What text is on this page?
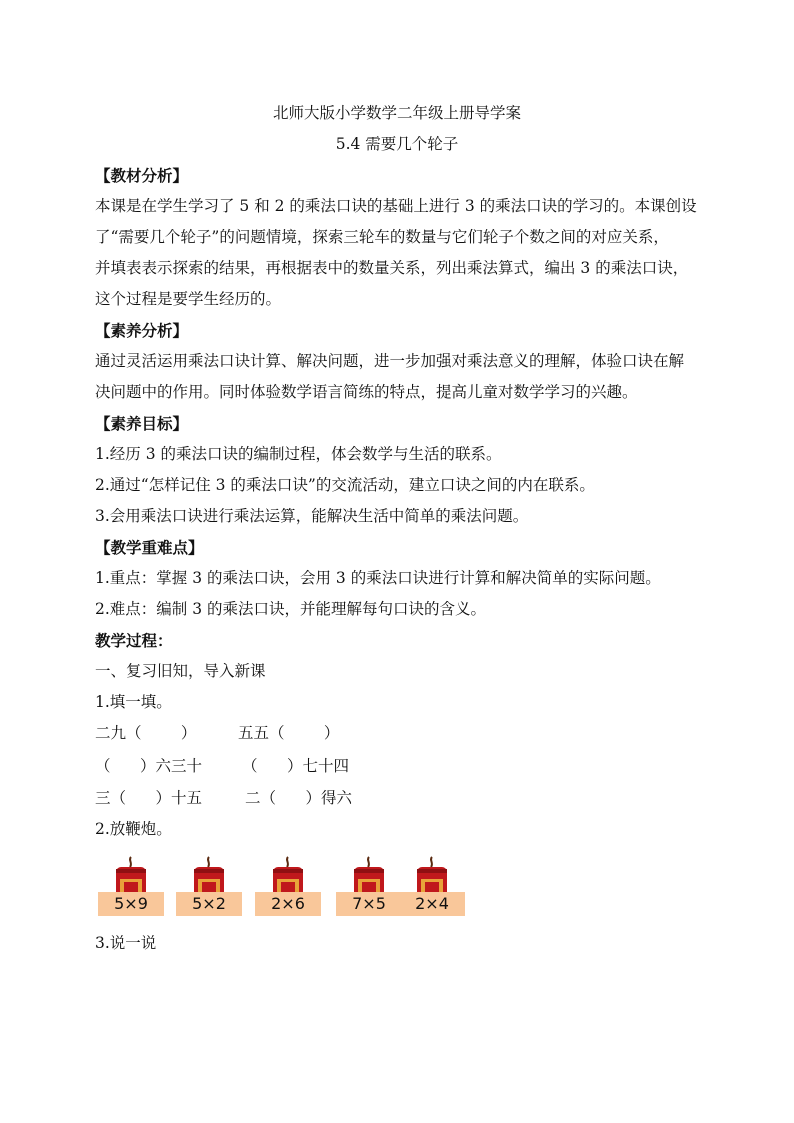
北师大版小学数学二年级上册导学案
5.4 需要几个轮子
【教材分析】
本课是在学生学习了 5 和 2 的乘法口诀的基础上进行 3 的乘法口诀的学习的。本课创设
了“需要几个轮子”的问题情境，探索三轮车的数量与它们轮子个数之间的对应关系，
并填表表示探索的结果，再根据表中的数量关系，列出乘法算式，编出 3 的乘法口诀，
这个过程是要学生经历的。
【素养分析】
通过灵活运用乘法口诀计算、解决问题，进一步加强对乘法意义的理解，体验口诀在解
决问题中的作用。同时体验数学语言简练的特点，提高儿童对数学学习的兴趣。
【素养目标】
1.经历 3 的乘法口诀的编制过程，体会数学与生活的联系。
2.通过“怎样记住 3 的乘法口诀”的交流活动，建立口诀之间的内在联系。
3.会用乘法口诀进行乘法运算，能解决生活中简单的乘法问题。
【教学重难点】
1.重点：掌握 3 的乘法口诀，会用 3 的乘法口诀进行计算和解决简单的实际问题。
2.难点：编制 3 的乘法口诀，并能理解每句口诀的含义。
教学过程：
一、复习旧知，导入新课
1.填一填。
二九（        ）	五五（        ）
（      ）六三十	（      ）七十四
三（      ）十五	二（      ）得六
2.放鞭炮。
5×9	5×2	2×6	7×5	2×4
3.说一说
